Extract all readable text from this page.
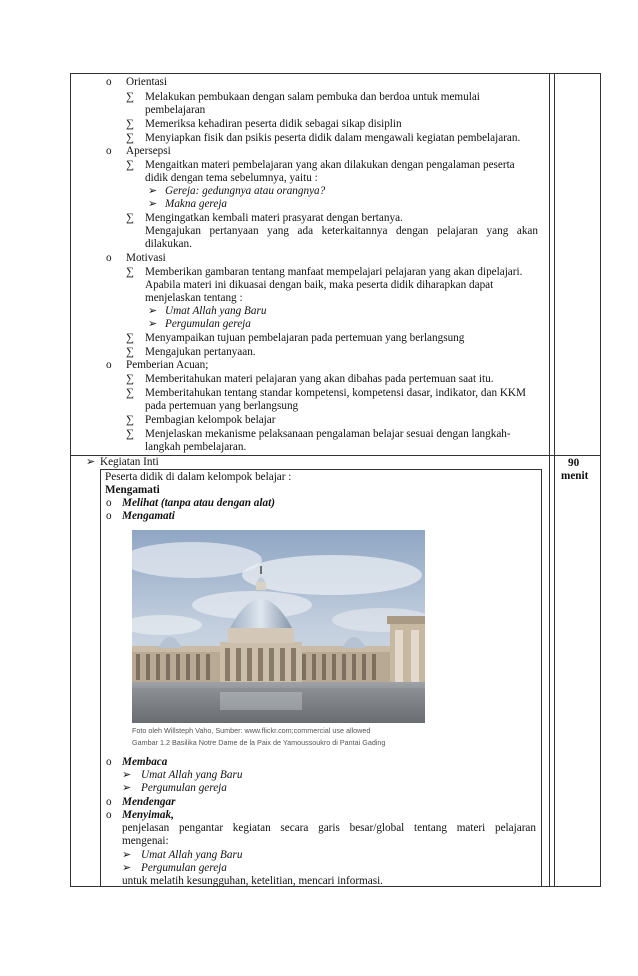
o Orientasi
∑ Melakukan pembukaan dengan salam pembuka dan berdoa untuk memulai
pembelajaran
∑ Memeriksa kehadiran peserta didik sebagai sikap disiplin
∑ Menyiapkan fisik dan psikis peserta didik dalam mengawali kegiatan pembelajaran.
o Apersepsi
∑ Mengaitkan materi pembelajaran yang akan dilakukan dengan pengalaman peserta
didik dengan tema sebelumnya, yaitu :
➢ Gereja: gedungnya atau orangnya?
➢ Makna gereja
∑ Mengingatkan kembali materi prasyarat dengan bertanya.
Mengajukan pertanyaan yang ada keterkaitannya dengan pelajaran yang akan
dilakukan.
o Motivasi
∑ Memberikan gambaran tentang manfaat mempelajari pelajaran yang akan dipelajari.
Apabila materi ini dikuasai dengan baik, maka peserta didik diharapkan dapat
menjelaskan tentang :
➢ Umat Allah yang Baru
➢ Pergumulan gereja
∑ Menyampaikan tujuan pembelajaran pada pertemuan yang berlangsung
∑ Mengajukan pertanyaan.
o Pemberian Acuan;
∑ Memberitahukan materi pelajaran yang akan dibahas pada pertemuan saat itu.
∑ Memberitahukan tentang standar kompetensi, kompetensi dasar, indikator, dan KKM
pada pertemuan yang berlangsung
∑ Pembagian kelompok belajar
∑ Menjelaskan mekanisme pelaksanaan pengalaman belajar sesuai dengan langkah-
langkah pembelajaran.
➢ Kegiatan Inti	90
menit
Peserta didik di dalam kelompok belajar :
Mengamati
o Melihat (tanpa atau dengan alat)
o Mengamati
Foto oleh Willsteph Vaho, Sumber: www.flickr.com;commercial use allowed
Gambar 1.2 Basilika Notre Dame de la Paix de Yamoussoukro di Pantai Gading
o Membaca
➢ Umat Allah yang Baru
➢ Pergumulan gereja
o Mendengar
o Menyimak,
penjelasan pengantar kegiatan secara garis besar/global tentang materi pelajaran
mengenai:
➢ Umat Allah yang Baru
➢ Pergumulan gereja
untuk melatih kesungguhan, ketelitian, mencari informasi.
